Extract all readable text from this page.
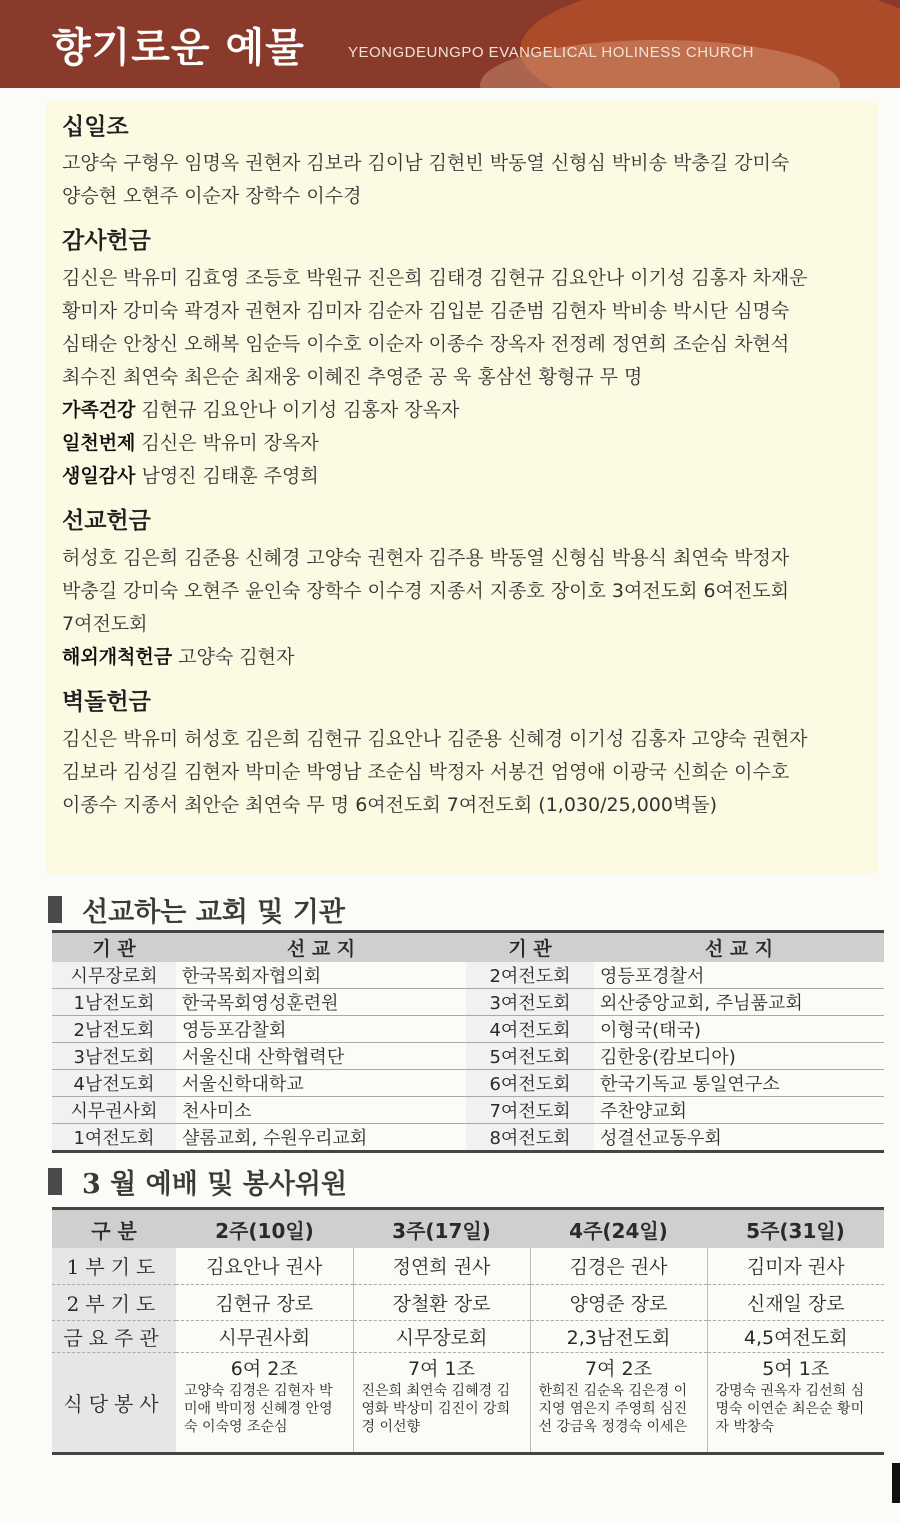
향기로운 예물	YEONGDEUNGPO EVANGELICAL HOLINESS CHURCH
십일조
고양숙 구형우 임명옥 권현자 김보라 김이남 김현빈 박동열 신형심 박비송 박충길 강미숙
양승현 오현주 이순자 장학수 이수경
감사헌금
김신은 박유미 김효영 조등호 박원규 진은희 김태경 김현규 김요안나 이기성 김홍자 차재운
황미자 강미숙 곽경자 권현자 김미자 김순자 김입분 김준범 김현자 박비송 박시단 심명숙
심태순 안창신 오해복 임순득 이수호 이순자 이종수 장옥자 전정례 정연희 조순심 차현석
최수진 최연숙 최은순 최재웅 이혜진 추영준 공 욱 홍삼선 황형규 무 명
가족건강 김현규 김요안나 이기성 김홍자 장옥자
일천번제 김신은 박유미 장옥자
생일감사 남영진 김태훈 주영희
선교헌금
허성호 김은희 김준용 신혜경 고양숙 권현자 김주용 박동열 신형심 박용식 최연숙 박정자
박충길 강미숙 오현주 윤인숙 장학수 이수경 지종서 지종호 장이호 3여전도회 6여전도회
7여전도회
해외개척헌금 고양숙 김현자
벽돌헌금
김신은 박유미 허성호 김은희 김현규 김요안나 김준용 신혜경 이기성 김홍자 고양숙 권현자
김보라 김성길 김현자 박미순 박영남 조순심 박정자 서봉건 엄영애 이광국 신희순 이수호
이종수 지종서 최안순 최연숙 무 명 6여전도회 7여전도회 (1,030/25,000벽돌)
선교하는 교회 및 기관
기 관	선 교 지	기 관	선 교 지
시무장로회	한국목회자협의회	2여전도회	영등포경찰서
1남전도회	한국목회영성훈련원	3여전도회	외산중앙교회, 주님품교회
2남전도회	영등포감찰회	4여전도회	이형국(태국)
3남전도회	서울신대 산학협력단	5여전도회	김한웅(캄보디아)
4남전도회	서울신학대학교	6여전도회	한국기독교 통일연구소
시무권사회	천사미소	7여전도회	주찬양교회
1여전도회	샬롬교회, 수원우리교회	8여전도회	성결선교동우회
3 월 예배 및 봉사위원
구 분	2주(10일)	3주(17일)	4주(24일)	5주(31일)
1부기도	김요안나 권사	정연희 권사	김경은 권사	김미자 권사
2부기도	김현규 장로	장철환 장로	양영준 장로	신재일 장로
금요주관	시무권사회	시무장로회	2,3남전도회	4,5여전도회
식당봉사	6여 2조	7여 1조	7여 2조	5여 1조
	고양숙 김경은 김현자 박미애 박미정 신혜경 안영숙 이숙영 조순심	진은희 최연숙 김혜경 김영화 박상미 김진이 강희경 이선향	한희진 김순옥 김은경 이지영 염은지 주영희 심진선 강금옥 정경숙 이세은	강명숙 권옥자 김선희 심명숙 이연순 최은순 황미자 박창숙
